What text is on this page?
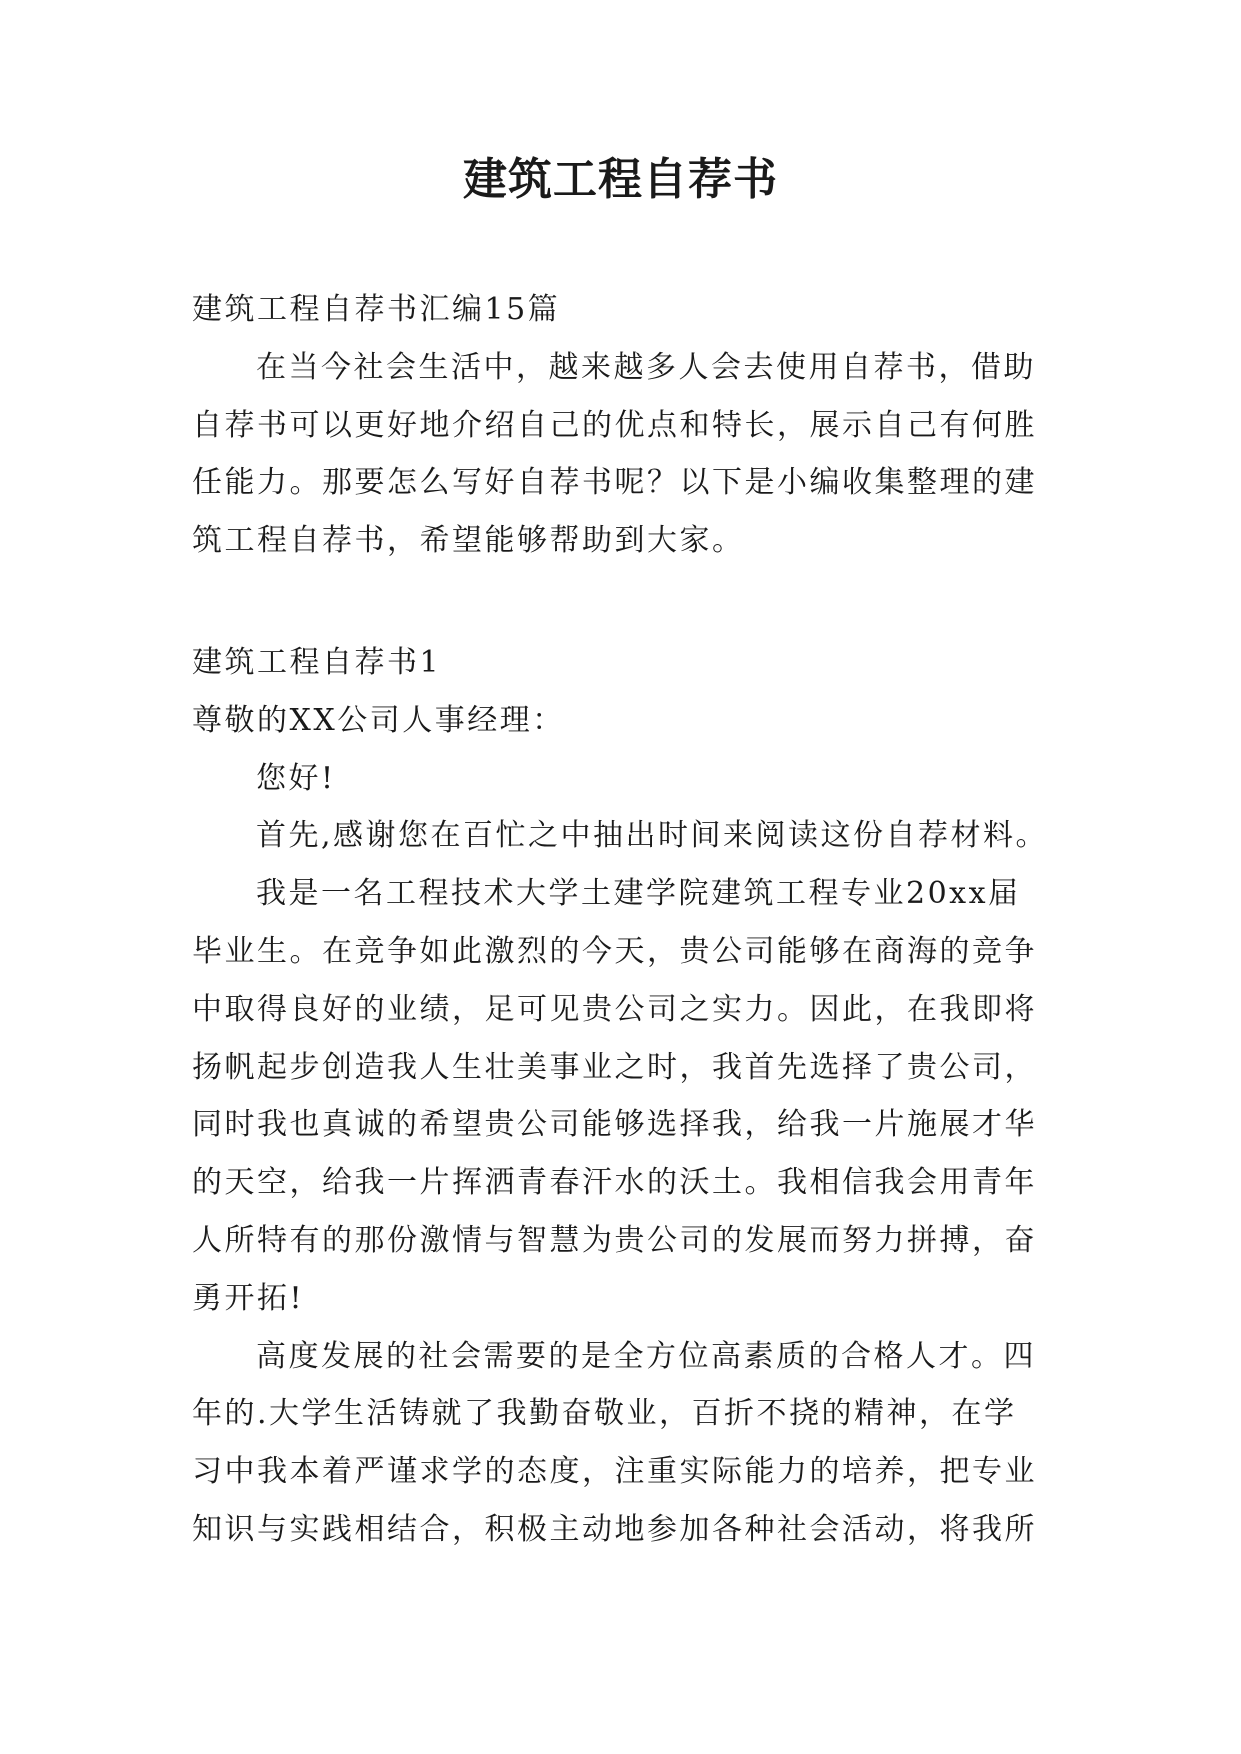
建筑工程自荐书

建筑工程自荐书汇编15篇

在当今社会生活中，越来越多人会去使用自荐书，借助

自荐书可以更好地介绍自己的优点和特长，展示自己有何胜

任能力。那要怎么写好自荐书呢？以下是小编收集整理的建

筑工程自荐书，希望能够帮助到大家。

建筑工程自荐书1

尊敬的XX公司人事经理：

您好!

首先,感谢您在百忙之中抽出时间来阅读这份自荐材料。

我是一名工程技术大学土建学院建筑工程专业20xx届

毕业生。在竞争如此激烈的今天，贵公司能够在商海的竞争

中取得良好的业绩，足可见贵公司之实力。因此，在我即将

扬帆起步创造我人生壮美事业之时，我首先选择了贵公司，

同时我也真诚的希望贵公司能够选择我，给我一片施展才华

的天空，给我一片挥洒青春汗水的沃土。我相信我会用青年

人所特有的那份激情与智慧为贵公司的发展而努力拼搏，奋

勇开拓!

高度发展的社会需要的是全方位高素质的合格人才。四

年的.大学生活铸就了我勤奋敬业，百折不挠的精神，在学

习中我本着严谨求学的态度，注重实际能力的培养，把专业

知识与实践相结合，积极主动地参加各种社会活动，将我所
